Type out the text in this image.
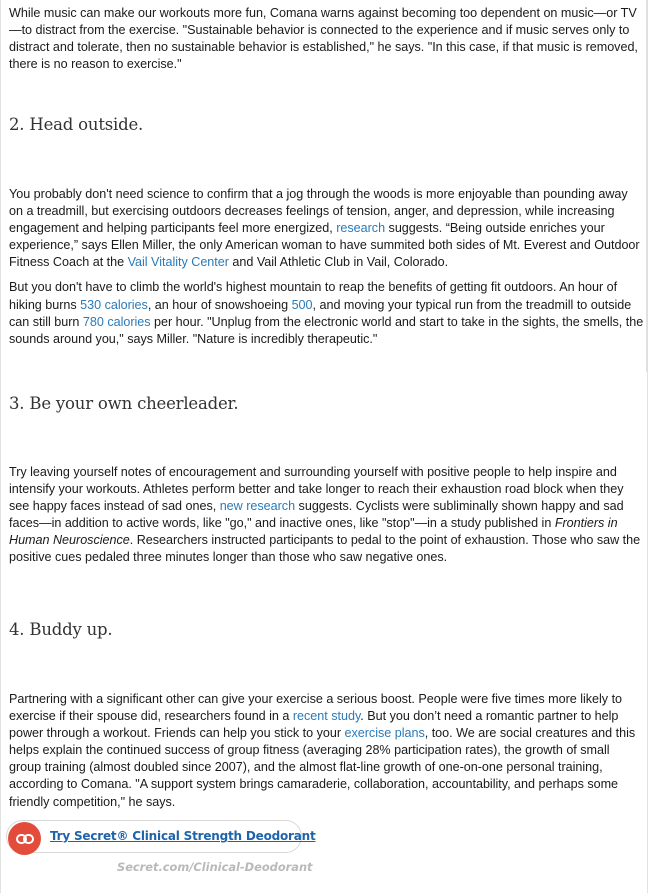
While music can make our workouts more fun, Comana warns against becoming too dependent on music—or TV—to distract from the exercise. "Sustainable behavior is connected to the experience and if music serves only to distract and tolerate, then no sustainable behavior is established," he says. "In this case, if that music is removed, there is no reason to exercise."

2. Head outside.

You probably don't need science to confirm that a jog through the woods is more enjoyable than pounding away on a treadmill, but exercising outdoors decreases feelings of tension, anger, and depression, while increasing engagement and helping participants feel more energized, research suggests. “Being outside enriches your experience,” says Ellen Miller, the only American woman to have summited both sides of Mt. Everest and Outdoor Fitness Coach at the Vail Vitality Center and Vail Athletic Club in Vail, Colorado.

But you don't have to climb the world's highest mountain to reap the benefits of getting fit outdoors. An hour of hiking burns 530 calories, an hour of snowshoeing 500, and moving your typical run from the treadmill to outside can still burn 780 calories per hour. "Unplug from the electronic world and start to take in the sights, the smells, the sounds around you," says Miller. "Nature is incredibly therapeutic."

3. Be your own cheerleader.

Try leaving yourself notes of encouragement and surrounding yourself with positive people to help inspire and intensify your workouts. Athletes perform better and take longer to reach their exhaustion road block when they see happy faces instead of sad ones, new research suggests. Cyclists were subliminally shown happy and sad faces—in addition to active words, like "go," and inactive ones, like "stop"—in a study published in Frontiers in Human Neuroscience. Researchers instructed participants to pedal to the point of exhaustion. Those who saw the positive cues pedaled three minutes longer than those who saw negative ones.

4. Buddy up.

Partnering with a significant other can give your exercise a serious boost. People were five times more likely to exercise if their spouse did, researchers found in a recent study. But you don’t need a romantic partner to help power through a workout. Friends can help you stick to your exercise plans, too. We are social creatures and this helps explain the continued success of group fitness (averaging 28% participation rates), the growth of small group training (almost doubled since 2007), and the almost flat-line growth of one-on-one personal training, according to Comana. "A support system brings camaraderie, collaboration, accountability, and perhaps some friendly competition," he says.

Try Secret® Clinical Strength Deodorant
Secret.com/Clinical-Deodorant
